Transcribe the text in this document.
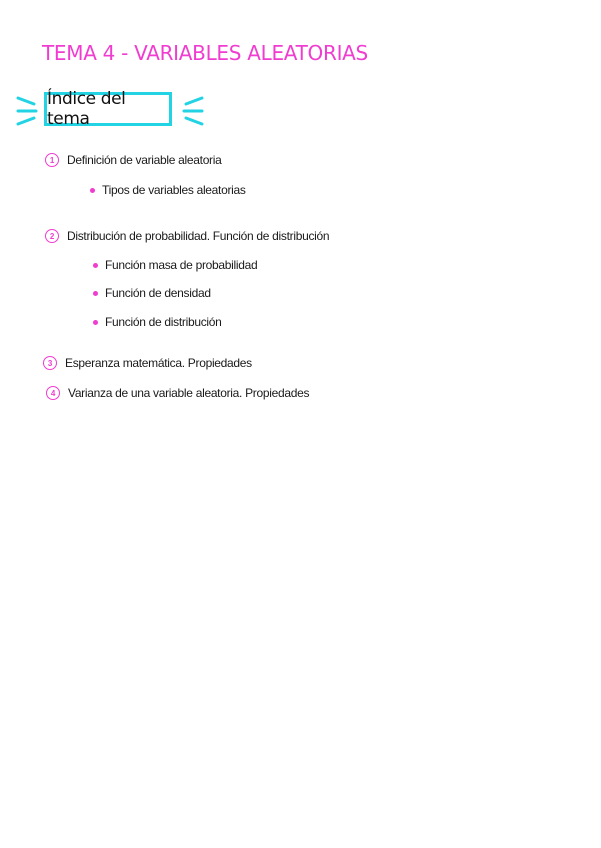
TEMA 4 - VARIABLES ALEATORIAS
Índice del tema
1	Definición de variable aleatoria
Tipos de variables aleatorias
2	Distribución de probabilidad. Función de distribución
Función masa de probabilidad
Función de densidad
Función de distribución
3	Esperanza matemática. Propiedades
4	Varianza de una variable aleatoria. Propiedades
